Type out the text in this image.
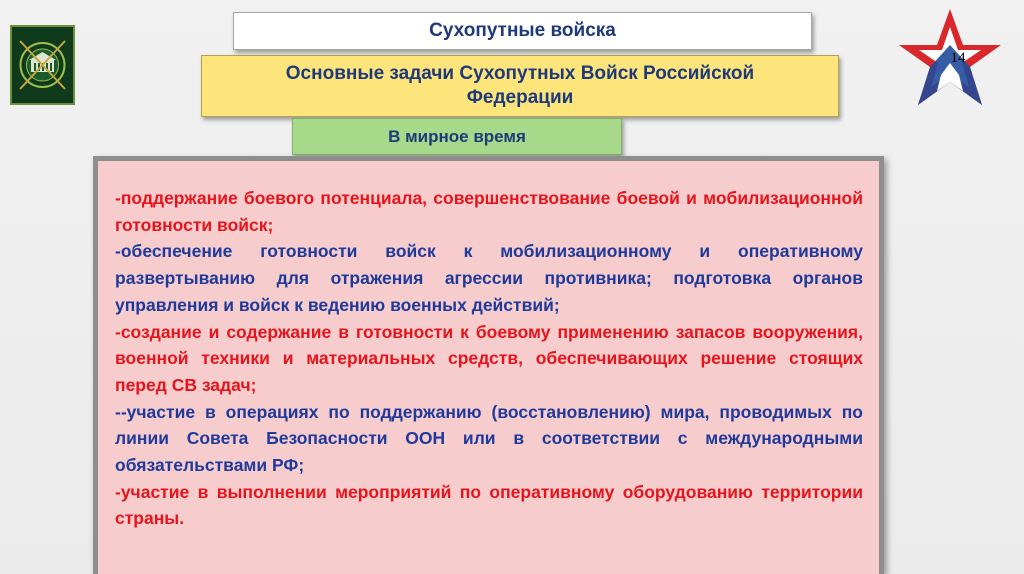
14
Сухопутные войска
Основные задачи Сухопутных Войск Российской Федерации
В мирное время

-поддержание боевого потенциала, совершенствование боевой и мобилизационной готовности войск;

-обеспечение готовности войск к мобилизационному и оперативному развертыванию для отражения агрессии противника; подготовка органов управления и войск к ведению военных действий;

-создание и содержание в готовности к боевому применению запасов вооружения, военной техники и материальных средств, обеспечивающих решение стоящих перед СВ задач;

--участие в операциях по поддержанию (восстановлению) мира, проводимых по линии Совета Безопасности ООН или в соответствии с международными обязательствами РФ;

-участие в выполнении мероприятий по оперативному оборудованию территории страны.
